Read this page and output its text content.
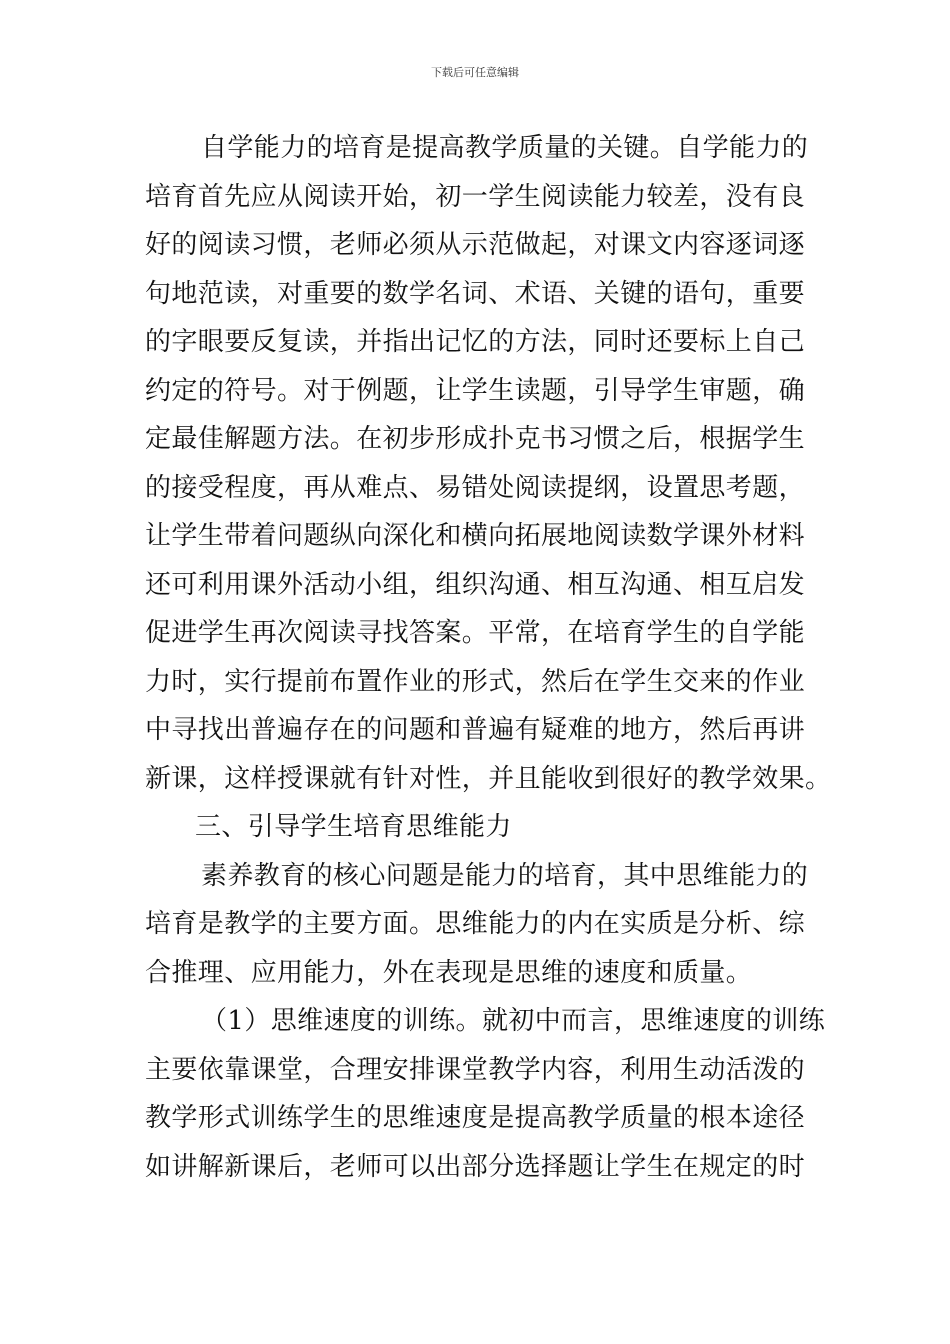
下载后可任意编辑
自学能力的培育是提高教学质量的关键。自学能力的
培育首先应从阅读开始，初一学生阅读能力较差，没有良
好的阅读习惯，老师必须从示范做起，对课文内容逐词逐
句地范读，对重要的数学名词、术语、关键的语句，重要
的字眼要反复读，并指出记忆的方法，同时还要标上自己
约定的符号。对于例题，让学生读题，引导学生审题，确
定最佳解题方法。在初步形成扑克书习惯之后，根据学生
的接受程度，再从难点、易错处阅读提纲，设置思考题，
让学生带着问题纵向深化和横向拓展地阅读数学课外材料
还可利用课外活动小组，组织沟通、相互沟通、相互启发
促进学生再次阅读寻找答案。平常，在培育学生的自学能
力时，实行提前布置作业的形式，然后在学生交来的作业
中寻找出普遍存在的问题和普遍有疑难的地方，然后再讲
新课，这样授课就有针对性，并且能收到很好的教学效果。
三、引导学生培育思维能力
素养教育的核心问题是能力的培育，其中思维能力的
培育是教学的主要方面。思维能力的内在实质是分析、综
合推理、应用能力，外在表现是思维的速度和质量。
（1）思维速度的训练。就初中而言，思维速度的训练
主要依靠课堂，合理安排课堂教学内容，利用生动活泼的
教学形式训练学生的思维速度是提高教学质量的根本途径
如讲解新课后，老师可以出部分选择题让学生在规定的时
